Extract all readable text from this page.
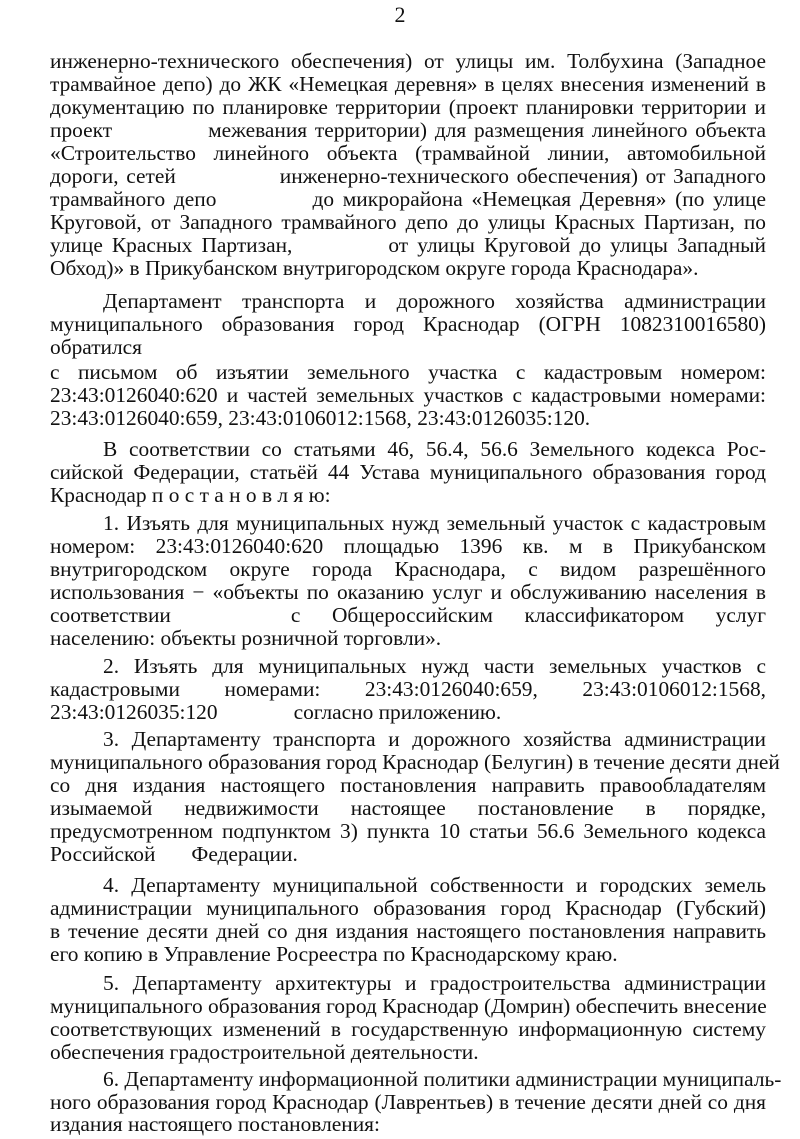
2
инженерно-технического обеспечения) от улицы им. Толбухина (Западное
трамвайное депо) до ЖК «Немецкая деревня» в целях внесения изменений в
документацию по планировке территории (проект планировки территории и
проект	межевания территории) для размещения линейного объекта
«Строительство линейного объекта (трамвайной линии, автомобильной
дороги, сетей	инженерно-технического обеспечения) от Западного
трамвайного депо	до микрорайона «Немецкая Деревня» (по улице
Круговой, от Западного трамвайного депо до улицы Красных Партизан, по
улице Красных Партизан,	от улицы Круговой до улицы Западный
Обход)» в Прикубанском внутригородском округе города Краснодара».
Департамент транспорта и дорожного хозяйства администрации
муниципального образования город Краснодар (ОГРН 1082310016580)
обратился
с письмом об изъятии земельного участка с кадастровым номером:
23:43:0126040:620 и частей земельных участков с кадастровыми номерами:
23:43:0126040:659, 23:43:0106012:1568, 23:43:0126035:120.
В соответствии со статьями 46, 56.4, 56.6 Земельного кодекса Рос-
сийской Федерации, статьёй 44 Устава муниципального образования город
Краснодар п о с т а н о в л я ю:
1. Изъять для муниципальных нужд земельный участок с кадастровым
номером: 23:43:0126040:620 площадью 1396 кв. м в Прикубанском
внутригородском округе города Краснодара, с видом разрешённого
использования − «объекты по оказанию услуг и обслуживанию населения в
соответствии	с Общероссийским классификатором услуг
населению: объекты розничной торговли».
2. Изъять для муниципальных нужд части земельных участков с
кадастровыми номерами: 23:43:0126040:659, 23:43:0106012:1568,
23:43:0126035:120	согласно приложению.
3. Департаменту транспорта и дорожного хозяйства администрации
муниципального образования город Краснодар (Белугин) в течение десяти дней
со дня издания настоящего постановления направить правообладателям
изымаемой недвижимости настоящее постановление в порядке,
предусмотренном подпунктом 3) пункта 10 статьи 56.6 Земельного кодекса
Российской Федерации.
4. Департаменту муниципальной собственности и городских земель
администрации муниципального образования город Краснодар (Губский)
в течение десяти дней со дня издания настоящего постановления направить
его копию в Управление Росреестра по Краснодарскому краю.
5. Департаменту архитектуры и градостроительства администрации
муниципального образования город Краснодар (Домрин) обеспечить внесение
соответствующих изменений в государственную информационную систему
обеспечения градостроительной деятельности.
6. Департаменту информационной политики администрации муниципаль-
ного образования город Краснодар (Лаврентьев) в течение десяти дней со дня
издания настоящего постановления:
